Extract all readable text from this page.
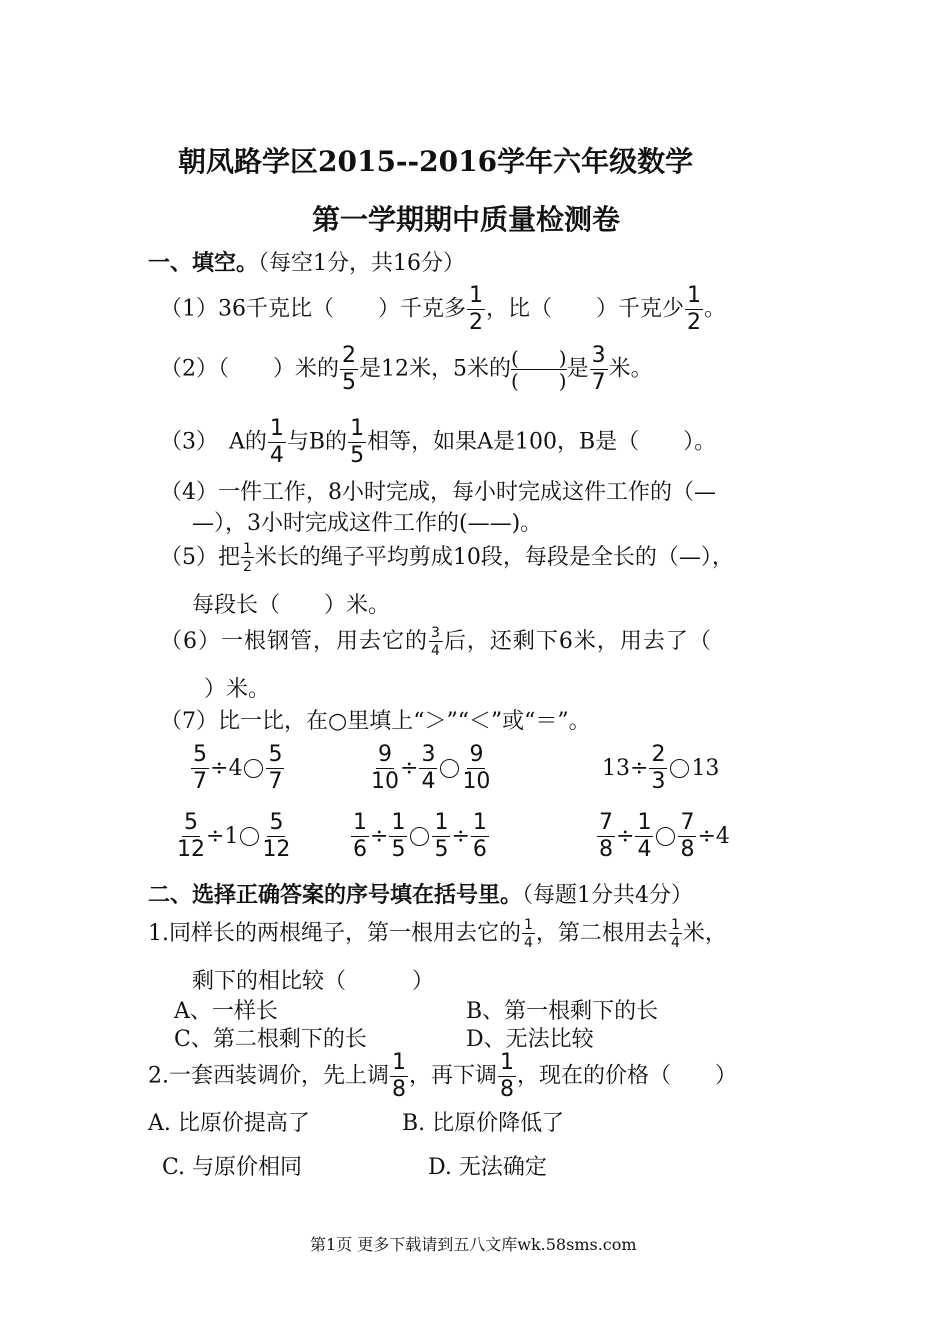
朝凤路学区2015--2016学年六年级数学
第一学期期中质量检测卷
一、填空。（每空1分，共16分）
（1）36千克比（　　）千克多 $\frac{1}{2}$ ，比（　　）千克少 $\frac{1}{2}$ 。
（2）（　　）米的 $\frac{2}{5}$ 是12米，5米的 (　　)
(　　) 是 $\frac{3}{7}$ 米。
（3）　A的 $\frac{1}{4}$ 与B的 $\frac{1}{5}$ 相等，如果A是100，B是（　　）。
（4）一件工作，8小时完成，每小时完成这件工作的（—
—），3小时完成这件工作的(——)。
（5）把 $\frac{1}{2}$ 米长的绳子平均剪成10段，每段是全长的（—），
每段长（　　）米。
（6）一根钢管，用去它的 $\frac{3}{4}$ 后，还剩下6米，用去了（
）米。
（7）比一比，在○里填上“＞”“＜”或“＝”。
$\frac{5}{7} \div 4 \frac{5}{7}$	$\frac{9}{10} \div \frac{3}{4} \frac{9}{10}$	$13 \div \frac{2}{3} 13$
$\frac{5}{12} \div 1 \frac{5}{12}$	$\frac{1}{6} \div \frac{1}{5} \frac{1}{5} \div \frac{1}{6}$	$\frac{7}{8} \div \frac{1}{4} \frac{7}{8} \div 4$
二、选择正确答案的序号填在括号里。（每题1分共4分）
1.同样长的两根绳子，第一根用去它的 $\frac{1}{4}$ ，第二根用去 $\frac{1}{4}$ 米，
剩下的相比较（　　　）
A、一样长	B、第一根剩下的长
C、第二根剩下的长	D、无法比较
2.一套西装调价，先上调 $\frac{1}{8}$ ，再下调 $\frac{1}{8}$ ，现在的价格（　　）
A. 比原价提高了	B. 比原价降低了
C. 与原价相同	D. 无法确定
第1页 更多下载请到五八文库wk.58sms.com
